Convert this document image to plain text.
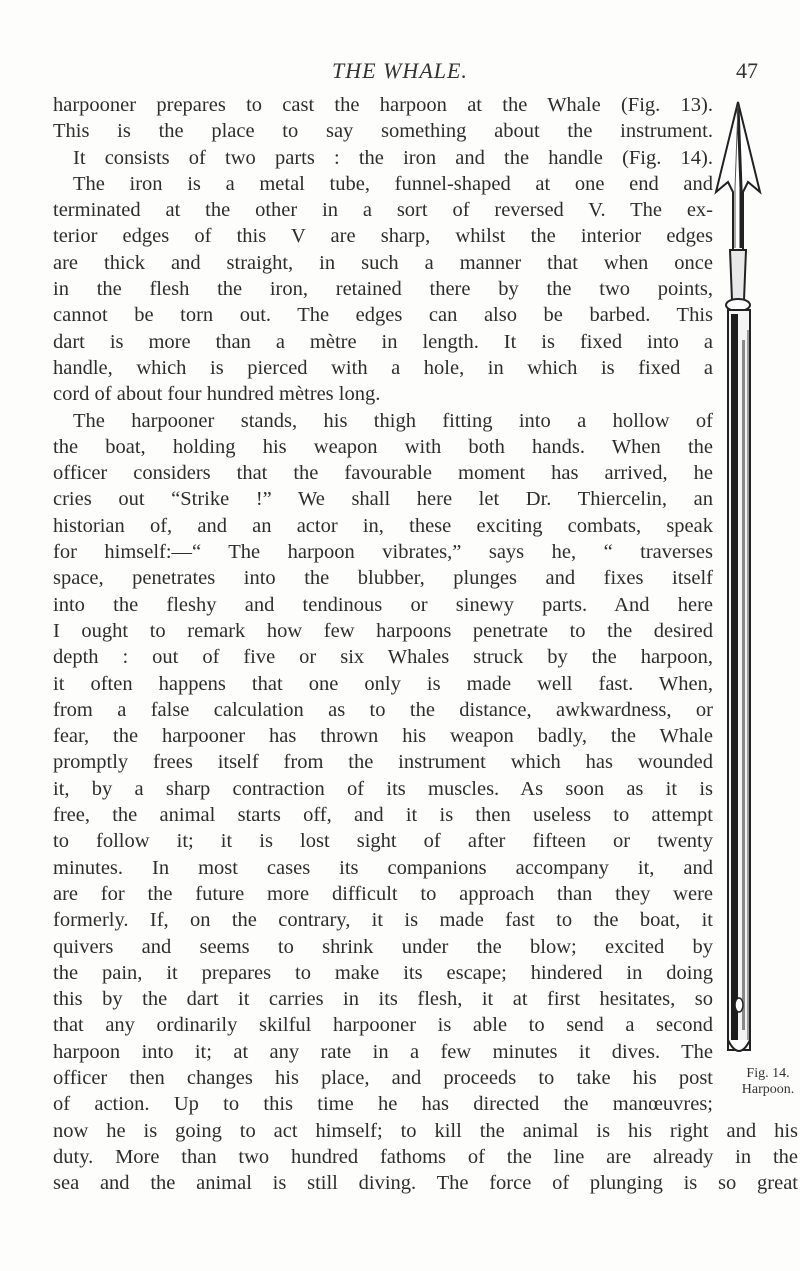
THE WHALE.	47
harpooner prepares to cast the harpoon at the Whale (Fig. 13).
This is the place to say something about the instrument.
It consists of two parts : the iron and the handle (Fig. 14).
The iron is a metal tube, funnel-shaped at one end and
terminated at the other in a sort of reversed V. The ex-
terior edges of this V are sharp, whilst the interior edges
are thick and straight, in such a manner that when once
in the flesh the iron, retained there by the two points,
cannot be torn out. The edges can also be barbed. This
dart is more than a mètre in length. It is fixed into a
handle, which is pierced with a hole, in which is fixed a
cord of about four hundred mètres long.
The harpooner stands, his thigh fitting into a hollow of
the boat, holding his weapon with both hands. When the
officer considers that the favourable moment has arrived, he
cries out “Strike !” We shall here let Dr. Thiercelin, an
historian of, and an actor in, these exciting combats, speak
for himself:—“ The harpoon vibrates,” says he, “ traverses
space, penetrates into the blubber, plunges and fixes itself
into the fleshy and tendinous or sinewy parts. And here
I ought to remark how few harpoons penetrate to the desired
depth : out of five or six Whales struck by the harpoon,
it often happens that one only is made well fast. When,
from a false calculation as to the distance, awkwardness, or
fear, the harpooner has thrown his weapon badly, the Whale
promptly frees itself from the instrument which has wounded
it, by a sharp contraction of its muscles. As soon as it is
free, the animal starts off, and it is then useless to attempt
to follow it; it is lost sight of after fifteen or twenty
minutes. In most cases its companions accompany it, and
are for the future more difficult to approach than they were
formerly. If, on the contrary, it is made fast to the boat, it
quivers and seems to shrink under the blow; excited by
the pain, it prepares to make its escape; hindered in doing
this by the dart it carries in its flesh, it at first hesitates, so
that any ordinarily skilful harpooner is able to send a second
harpoon into it; at any rate in a few minutes it dives. The
officer then changes his place, and proceeds to take his post
of action. Up to this time he has directed the manœuvres;
now he is going to act himself; to kill the animal is his right and his
duty. More than two hundred fathoms of the line are already in the
sea and the animal is still diving. The force of plunging is so great
Fig. 14.
Harpoon.
